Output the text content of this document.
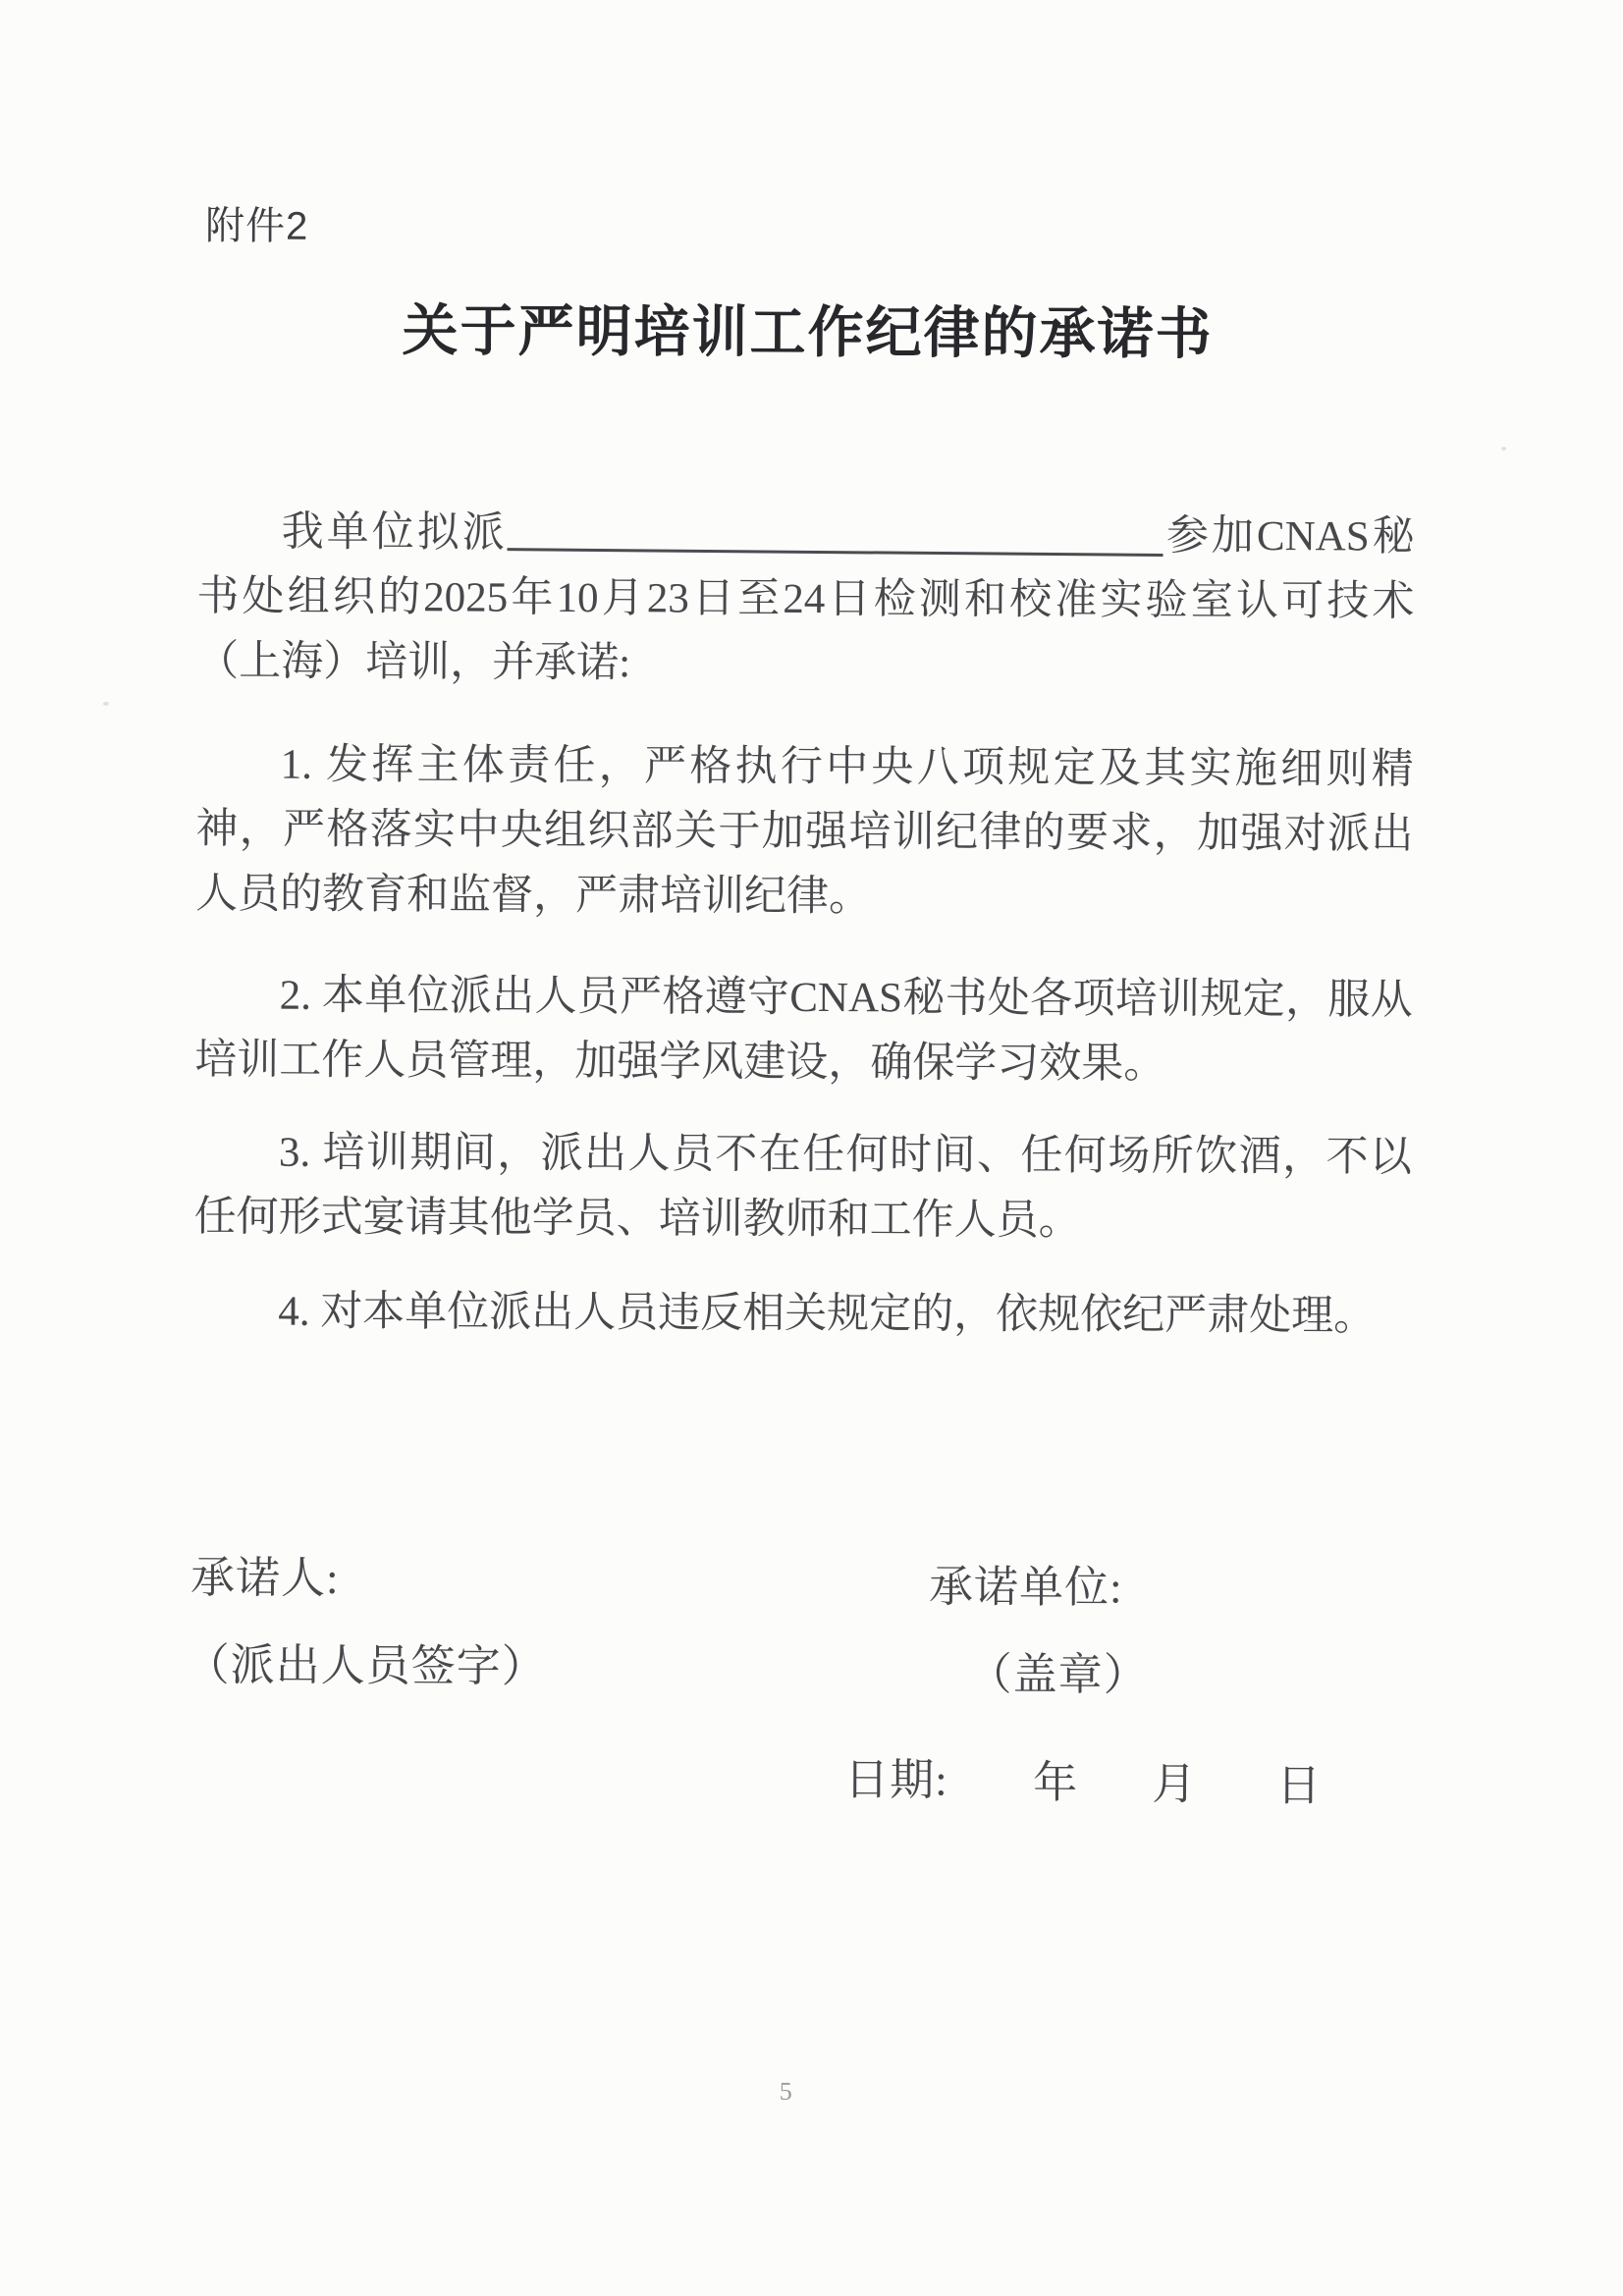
附件2
关于严明培训工作纪律的承诺书

我单位拟派	参加CNAS秘书处组织的2025年10月23日至24日检测和校准实验室认可技术（上海）培训，并承诺:

1. 发挥主体责任，严格执行中央八项规定及其实施细则精神，严格落实中央组织部关于加强培训纪律的要求，加强对派出人员的教育和监督，严肃培训纪律。

2. 本单位派出人员严格遵守CNAS秘书处各项培训规定，服从培训工作人员管理，加强学风建设，确保学习效果。

3. 培训期间，派出人员不在任何时间、任何场所饮酒，不以任何形式宴请其他学员、培训教师和工作人员。

4. 对本单位派出人员违反相关规定的，依规依纪严肃处理。

承诺人:
（派出人员签字）
承诺单位:
（盖章）
日期: 年 月 日
5
